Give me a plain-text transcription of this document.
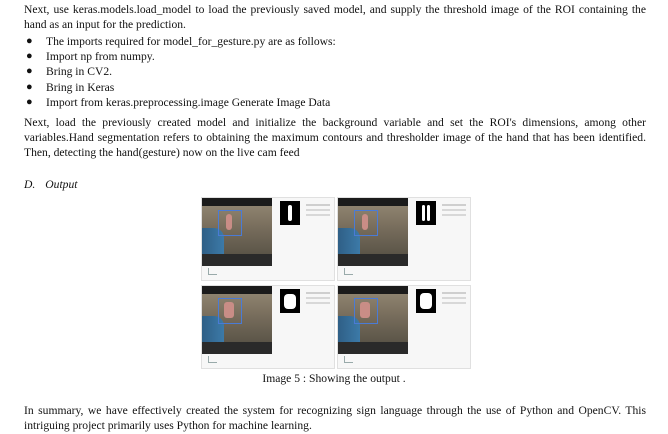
Next, use keras.models.load_model to load the previously saved model, and supply the threshold image of the ROI containing the hand as an input for the prediction.

● The imports required for model_for_gesture.py are as follows:
● Import np from numpy.
● Bring in CV2.
● Bring in Keras
● Import from keras.preprocessing.image Generate Image Data

Next, load the previously created model and initialize the background variable and set the ROI's dimensions, among other variables.Hand segmentation refers to obtaining the maximum contours and thresholder image of the hand that has been identified. Then, detecting the hand(gesture) now on the live cam feed

D. Output
Image 5 : Showing the output .

In summary, we have effectively created the system for recognizing sign language through the use of Python and OpenCV. This intriguing project primarily uses Python for machine learning.
